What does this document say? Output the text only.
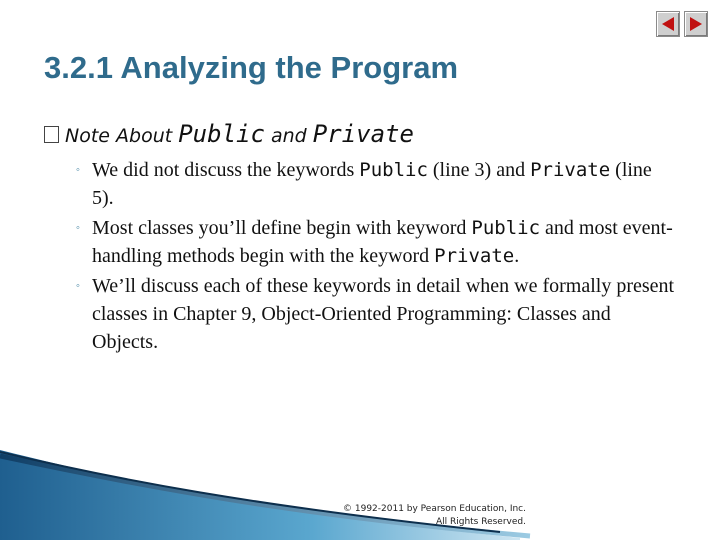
3.2.1 Analyzing the Program
Note About Public and Private
◦ We did not discuss the keywords Public (line 3) and Private (line 5).
◦ Most classes you’ll define begin with keyword Public and most event-handling methods begin with the keyword Private.
◦ We’ll discuss each of these keywords in detail when we formally present classes in Chapter 9, Object-Oriented Programming: Classes and Objects.
© 1992-2011 by Pearson Education, Inc.
All Rights Reserved.
